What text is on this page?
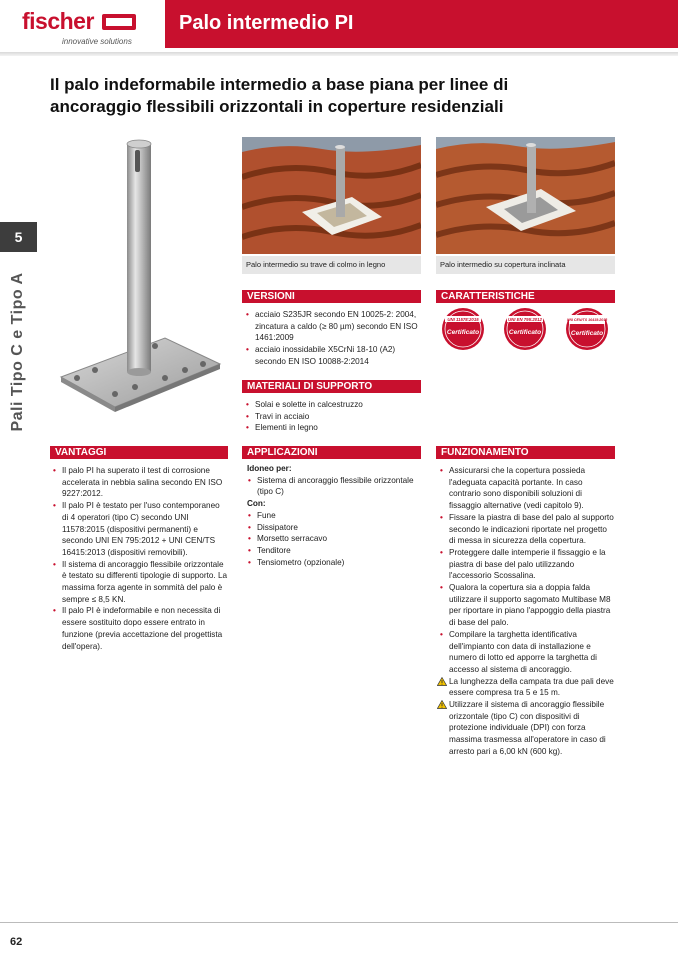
fischer
innovative solutions
Palo intermedio PI
Il palo indeformabile intermedio a base piana per linee di
ancoraggio flessibili orizzontali in coperture residenziali
5
Pali Tipo C e Tipo A
Palo intermedio su trave di colmo in legno	Palo intermedio su copertura inclinata
VERSIONI
• acciaio S235JR secondo EN 10025-2: 2004, zincatura a caldo (≥ 80 µm) secondo EN ISO 1461:2009
• acciaio inossidabile X5CrNi 18-10 (A2) secondo EN ISO 10088-2:2014
CARATTERISTICHE
UNI 11578:2015
Certificato
UNI EN 795:2012
Certificato
UNI CEN/TS 16415:2013
Certificato
MATERIALI DI SUPPORTO
• Solai e solette in calcestruzzo
• Travi in acciaio
• Elementi in legno
VANTAGGI
• Il palo PI ha superato il test di corrosione accelerata in nebbia salina secondo EN ISO 9227:2012.
• Il palo PI è testato per l'uso contemporaneo di 4 operatori (tipo C) secondo UNI 11578:2015 (dispositivi permanenti) e secondo UNI EN 795:2012 + UNI CEN/TS 16415:2013 (dispositivi removibili).
• Il sistema di ancoraggio flessibile orizzontale è testato su differenti tipologie di supporto. La massima forza agente in sommità del palo è sempre ≤ 8,5 KN.
• Il palo PI è indeformabile e non necessita di essere sostituito dopo essere entrato in funzione (previa accettazione del progettista dell'opera).
APPLICAZIONI
Idoneo per:
• Sistema di ancoraggio flessibile orizzontale (tipo C)
Con:
• Fune
• Dissipatore
• Morsetto serracavo
• Tenditore
• Tensiometro (opzionale)
FUNZIONAMENTO
• Assicurarsi che la copertura possieda l'adeguata capacità portante. In caso contrario sono disponibili soluzioni di fissaggio alternative (vedi capitolo 9).
• Fissare la piastra di base del palo al supporto secondo le indicazioni riportate nel progetto di messa in sicurezza della copertura.
• Proteggere dalle intemperie il fissaggio e la piastra di base del palo utilizzando l'accessorio Scossalina.
• Qualora la copertura sia a doppia falda utilizzare il supporto sagomato Multibase M8 per riportare in piano l'appoggio della piastra di base del palo.
• Compilare la targhetta identificativa dell'impianto con data di installazione e numero di lotto ed apporre la targhetta di accesso al sistema di ancoraggio.
La lunghezza della campata tra due pali deve essere compresa tra 5 e 15 m.
Utilizzare il sistema di ancoraggio flessibile orizzontale (tipo C) con dispositivi di protezione individuale (DPI) con forza massima trasmessa all'operatore in caso di arresto pari a 6,00 kN (600 kg).
62
